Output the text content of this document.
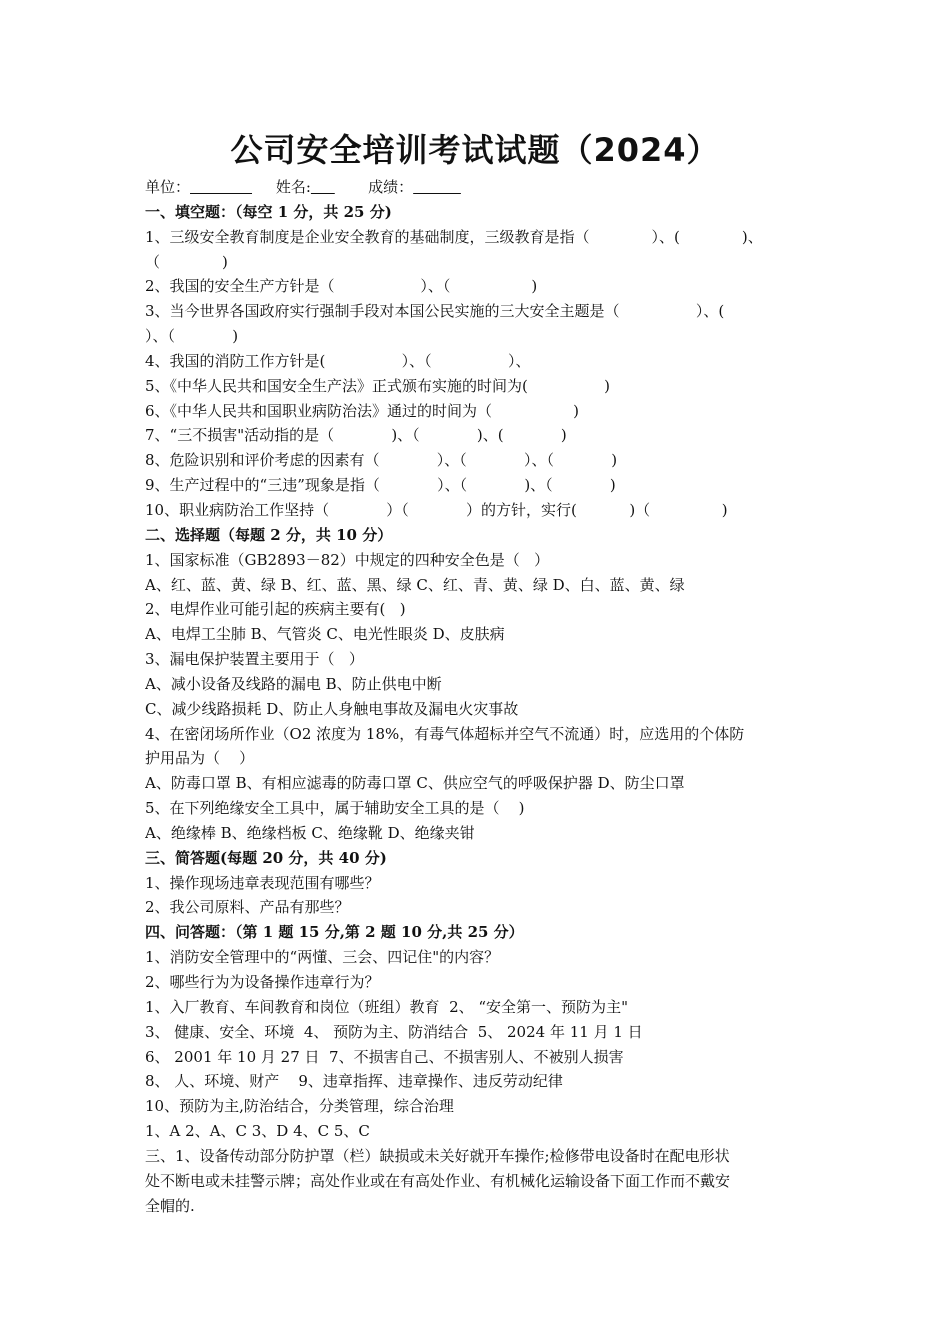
公司安全培训考试试题（2024）
单位：	姓名:	成绩：
一、填空题：（每空 1 分，共 25 分)
1、三级安全教育制度是企业安全教育的基础制度，三级教育是指（             ）、(             )、
（             )
2、我国的安全生产方针是（                  ）、（                 )
3、当今世界各国政府实行强制手段对本国公民实施的三大安全主题是（                ）、(
）、（            )
4、我国的消防工作方针是(                ）、（                ）、
5、《中华人民共和国安全生产法》正式颁布实施的时间为(                )
6、《中华人民共和国职业病防治法》通过的时间为（                 )
7、“三不损害"活动指的是（            )、（            )、(            )
8、危险识别和评价考虑的因素有（            ）、（            ）、（            )
9、生产过程中的“三违”现象是指（            ）、（            )、（            )
10、职业病防治工作坚持（            ）（            ）的方针，实行(           )（               )
二、选择题（每题 2 分，共 10 分）
1、国家标准（GB2893－82）中规定的四种安全色是（   ）
A、红、蓝、黄、绿 B、红、蓝、黑、绿 C、红、青、黄、绿 D、白、蓝、黄、绿
2、电焊作业可能引起的疾病主要有(   )
A、电焊工尘肺 B、气管炎 C、电光性眼炎 D、皮肤病
3、漏电保护装置主要用于（   ）
A、减小设备及线路的漏电 B、防止供电中断
C、减少线路损耗 D、防止人身触电事故及漏电火灾事故
4、在密闭场所作业（O2 浓度为 18%，有毒气体超标并空气不流通）时，应选用的个体防
护用品为（    ）
A、防毒口罩 B、有相应滤毒的防毒口罩 C、供应空气的呼吸保护器 D、防尘口罩
5、在下列绝缘安全工具中，属于辅助安全工具的是（    )
A、绝缘棒 B、绝缘档板 C、绝缘靴 D、绝缘夹钳
三、简答题(每题 20 分，共 40 分)
1、操作现场违章表现范围有哪些？
2、我公司原料、产品有那些？
四、问答题：（第 1 题 15 分,第 2 题 10 分,共 25 分）
1、消防安全管理中的“两懂、三会、四记住"的内容？
2、哪些行为为设备操作违章行为？
1、入厂教育、车间教育和岗位（班组）教育  2、 “安全第一、预防为主"
3、 健康、安全、环境  4、 预防为主、防消结合  5、 2024 年 11 月 1 日
6、 2001 年 10 月 27 日  7、不损害自己、不损害别人、不被别人损害
8、 人、环境、财产    9、违章指挥、违章操作、违反劳动纪律
10、预防为主,防治结合，分类管理，综合治理
1、A 2、A、C 3、D 4、C 5、C
三、1、设备传动部分防护罩（栏）缺损或未关好就开车操作;检修带电设备时在配电形状
处不断电或未挂警示牌；高处作业或在有高处作业、有机械化运输设备下面工作而不戴安
全帽的.
